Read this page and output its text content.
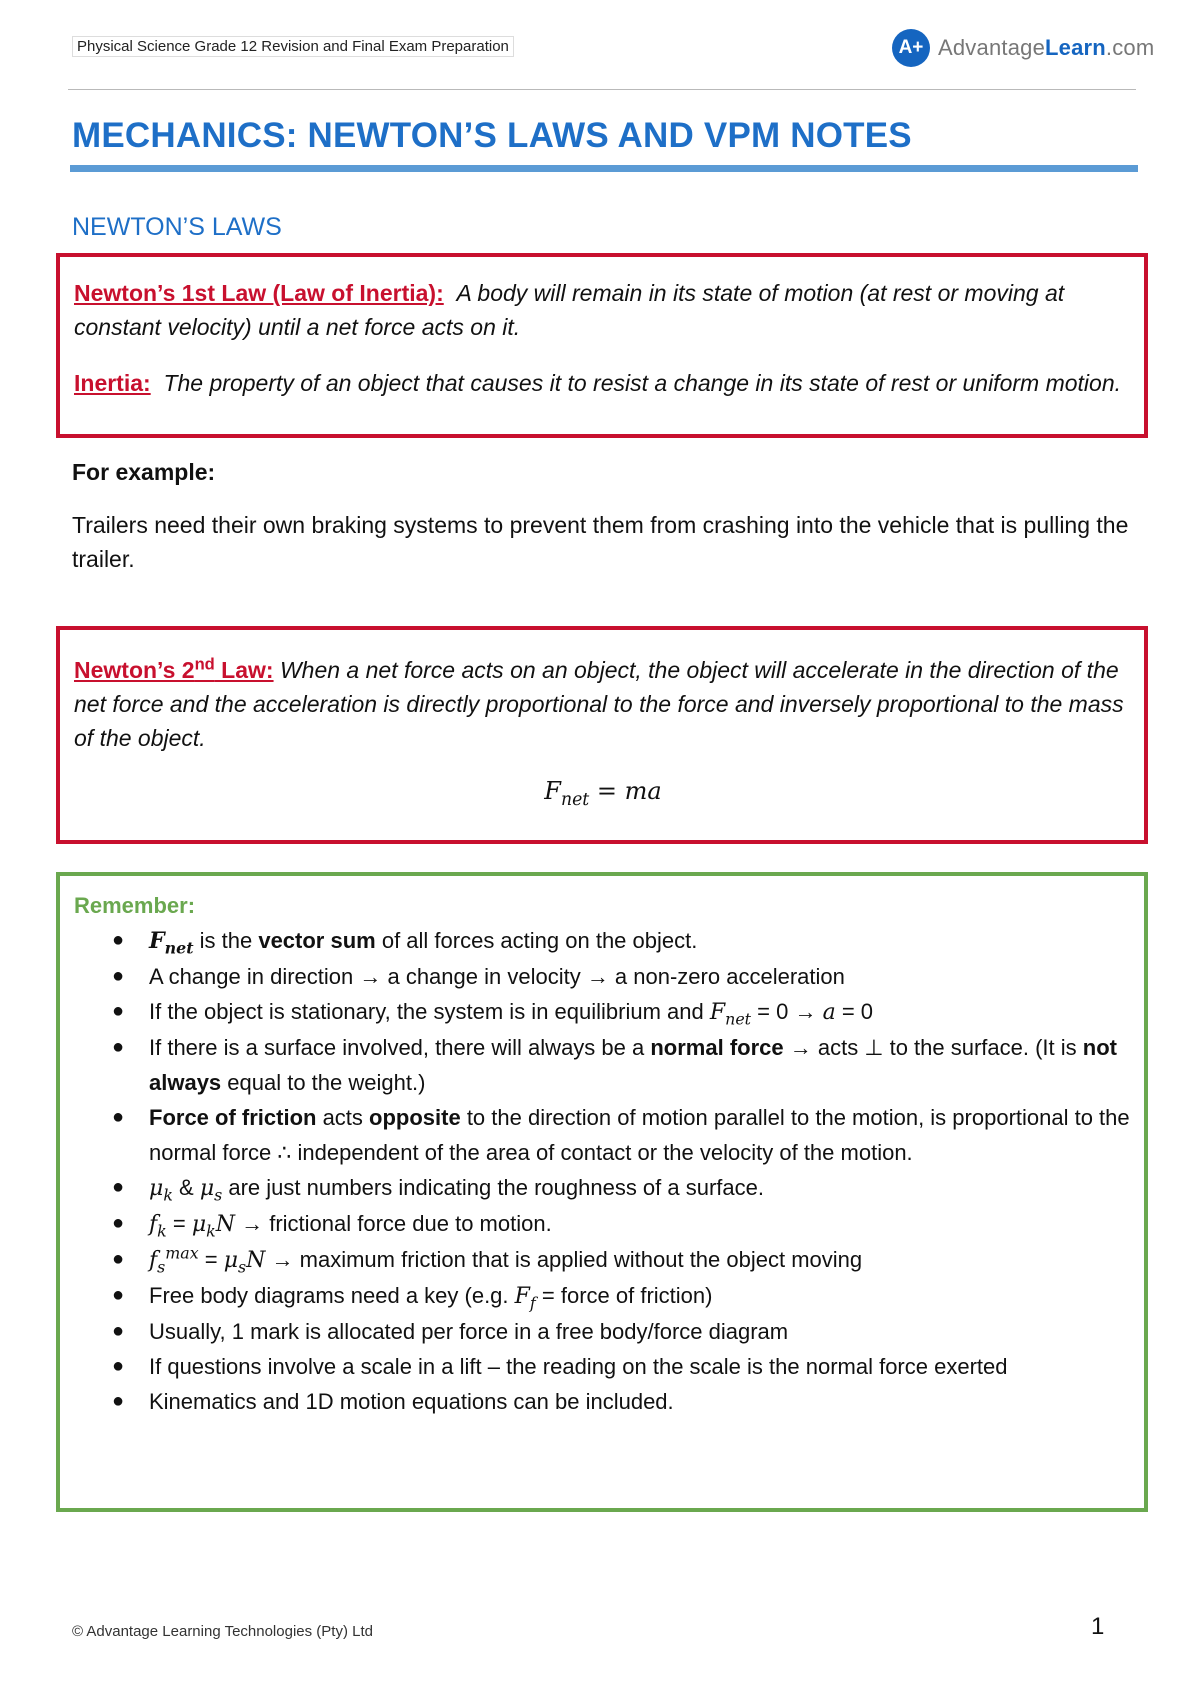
Physical Science Grade 12 Revision and Final Exam Preparation	A+ AdvantageLearn.com
MECHANICS: NEWTON’S LAWS AND VPM NOTES
NEWTON’S LAWS

Newton’s 1st Law (Law of Inertia): A body will remain in its state of motion (at rest or moving at constant velocity) until a net force acts on it.

Inertia: The property of an object that causes it to resist a change in its state of rest or uniform motion.

For example:
Trailers need their own braking systems to prevent them from crashing into the vehicle that is pulling the trailer.

Newton’s 2nd Law: When a net force acts on an object, the object will accelerate in the direction of the net force and the acceleration is directly proportional to the force and inversely proportional to the mass of the object.

$F_{net}$ = ma
Remember:
● $F_{net}$ is the vector sum of all forces acting on the object.
● A change in direction → a change in velocity → a non-zero acceleration
● If the object is stationary, the system is in equilibrium and $F_{net} = 0 \to a = 0$
● If there is a surface involved, there will always be a normal force → acts ⊥ to the surface. (It is not always equal to the weight.)
● Force of friction acts opposite to the direction of motion parallel to the motion, is proportional to the normal force ∴ independent of the area of contact or the velocity of the motion.
● $\mu_k$ & $\mu_s$ are just numbers indicating the roughness of a surface.
● $f_k = \mu_kN$ → frictional force due to motion.
● $f_s^{max} = \mu_sN$ → maximum friction that is applied without the object moving
● Free body diagrams need a key (e.g. $F_f$ = force of friction)
● Usually, 1 mark is allocated per force in a free body/force diagram
● If questions involve a scale in a lift – the reading on the scale is the normal force exerted
● Kinematics and 1D motion equations can be included.
© Advantage Learning Technologies (Pty) Ltd	1
